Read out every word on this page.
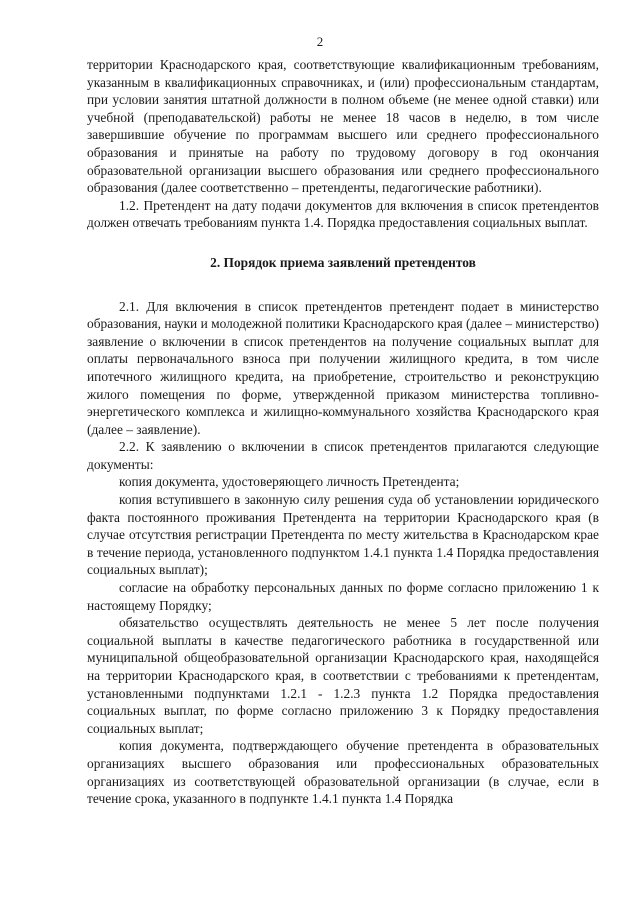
2

территории Краснодарского края, соответствующие квалификационным требованиям, указанным в квалификационных справочниках, и (или) профессиональным стандартам, при условии занятия штатной должности в полном объеме (не менее одной ставки) или учебной (преподавательской) работы не менее 18 часов в неделю, в том числе завершившие обучение по программам высшего или среднего профессионального образования и принятые на работу по трудовому договору в год окончания образовательной организации высшего образования или среднего профессионального образования (далее соответственно – претенденты, педагогические работники).

1.2. Претендент на дату подачи документов для включения в список претендентов должен отвечать требованиям пункта 1.4. Порядка предоставления социальных выплат.

2. Порядок приема заявлений претендентов

2.1. Для включения в список претендентов претендент подает в министерство образования, науки и молодежной политики Краснодарского края (далее – министерство) заявление о включении в список претендентов на получение социальных выплат для оплаты первоначального взноса при получении жилищного кредита, в том числе ипотечного жилищного кредита, на приобретение, строительство и реконструкцию жилого помещения по форме, утвержденной приказом министерства топливно-энергетического комплекса и жилищно-коммунального хозяйства Краснодарского края (далее – заявление).

2.2. К заявлению о включении в список претендентов прилагаются следующие документы:

копия документа, удостоверяющего личность Претендента;

копия вступившего в законную силу решения суда об установлении юридического факта постоянного проживания Претендента на территории Краснодарского края (в случае отсутствия регистрации Претендента по месту жительства в Краснодарском крае в течение периода, установленного подпунктом 1.4.1 пункта 1.4 Порядка предоставления социальных выплат);

согласие на обработку персональных данных по форме согласно приложению 1 к настоящему Порядку;

обязательство осуществлять деятельность не менее 5 лет после получения социальной выплаты в качестве педагогического работника в государственной или муниципальной общеобразовательной организации Краснодарского края, находящейся на территории Краснодарского края, в соответствии с требованиями к претендентам, установленными подпунктами 1.2.1 - 1.2.3 пункта 1.2 Порядка предоставления социальных выплат, по форме согласно приложению 3 к Порядку предоставления социальных выплат;

копия документа, подтверждающего обучение претендента в образовательных организациях высшего образования или профессиональных образовательных организациях из соответствующей образовательной организации (в случае, если в течение срока, указанного в подпункте 1.4.1 пункта 1.4 Порядка
